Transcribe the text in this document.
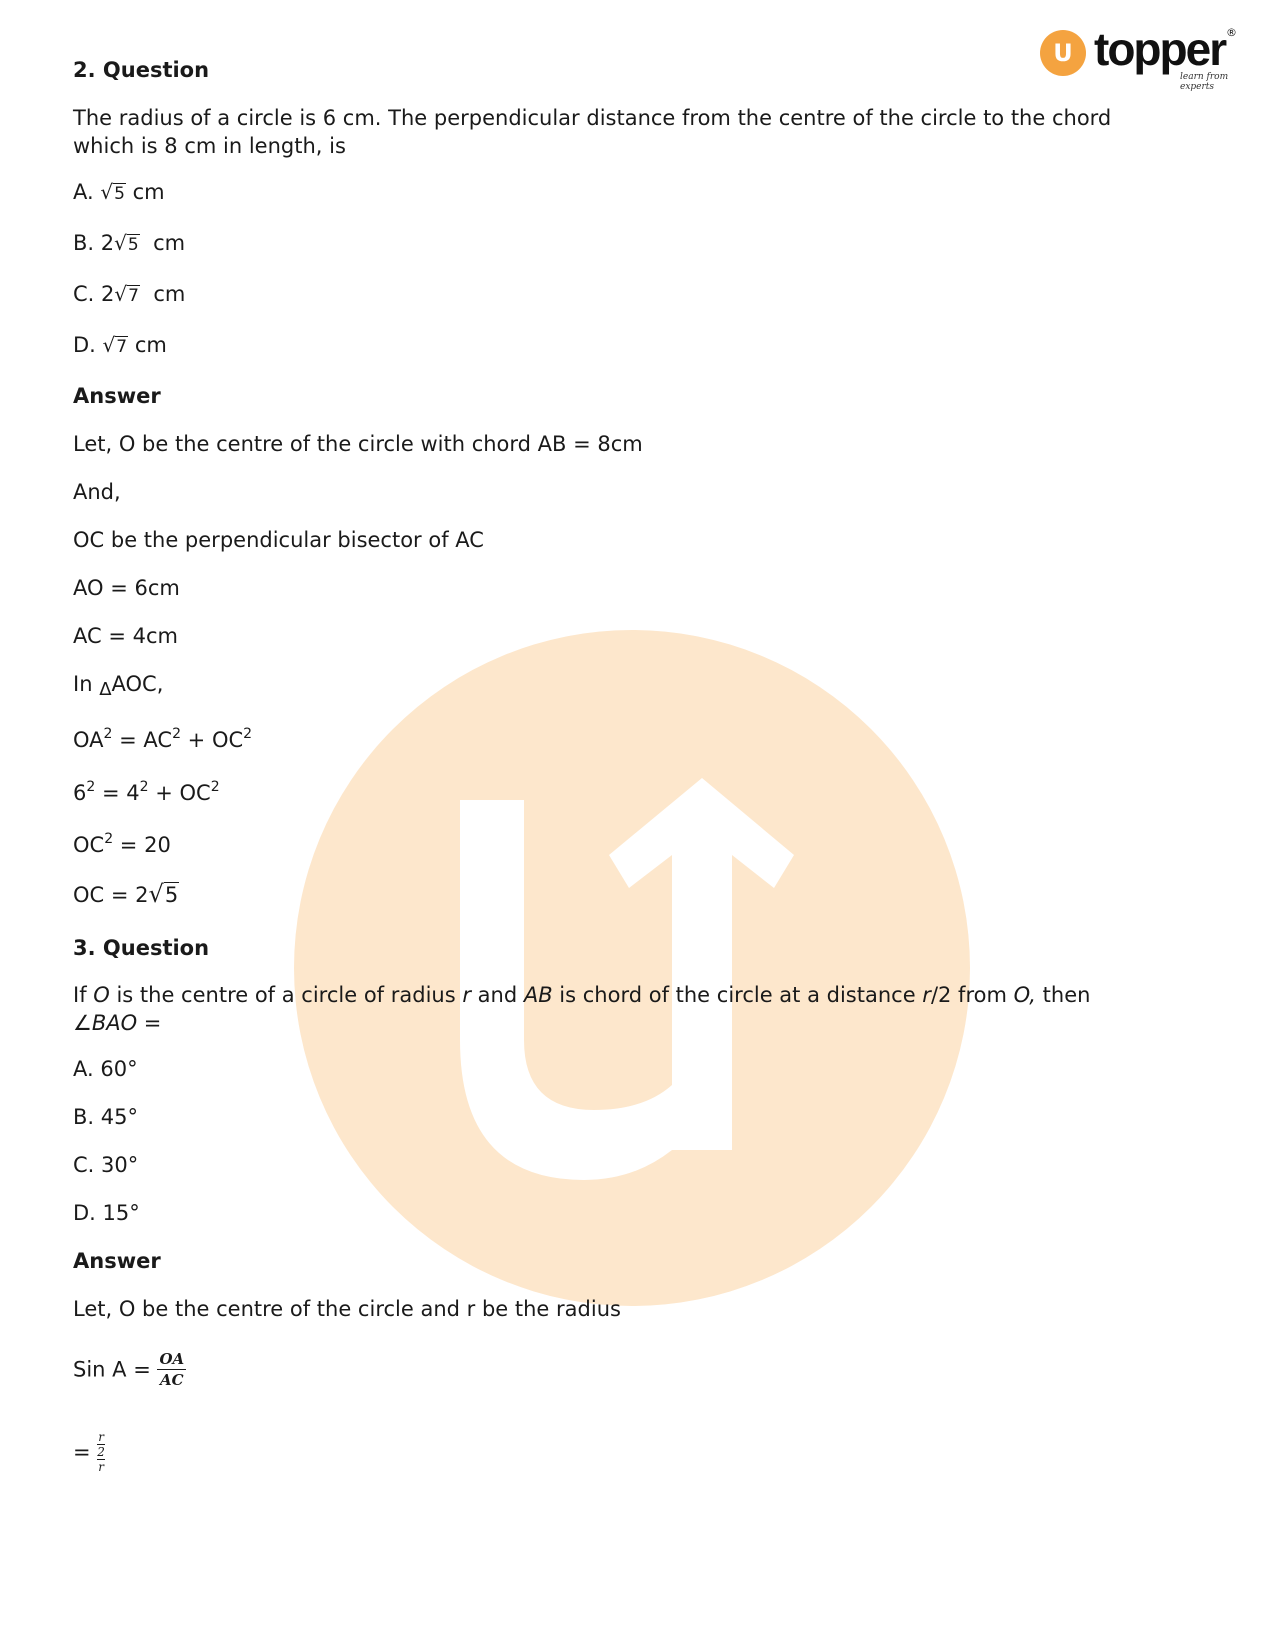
U topper ®
learn from experts
2. Question
The radius of a circle is 6 cm. The perpendicular distance from the centre of the circle to the chord which is 8 cm in length, is
A. √5 cm
B. 2√5 cm
C. 2√7 cm
D. √7 cm
Answer
Let, O be the centre of the circle with chord AB = 8cm
And,
OC be the perpendicular bisector of AC
AO = 6cm
AC = 4cm
In ΔAOC,
$OA^2 = AC^2 + OC^2$
$6^2 = 4^2 + OC^2$
$OC^2 = 20$
OC = 2√5
3. Question
If O is the centre of a circle of radius r and AB is chord of the circle at a distance r/2 from O, then
∠BAO =
A. 60°
B. 45°
C. 30°
D. 15°
Answer
Let, O be the centre of the circle and r be the radius
Sin $A = \frac{OA}{AC}$
= r
2
r
